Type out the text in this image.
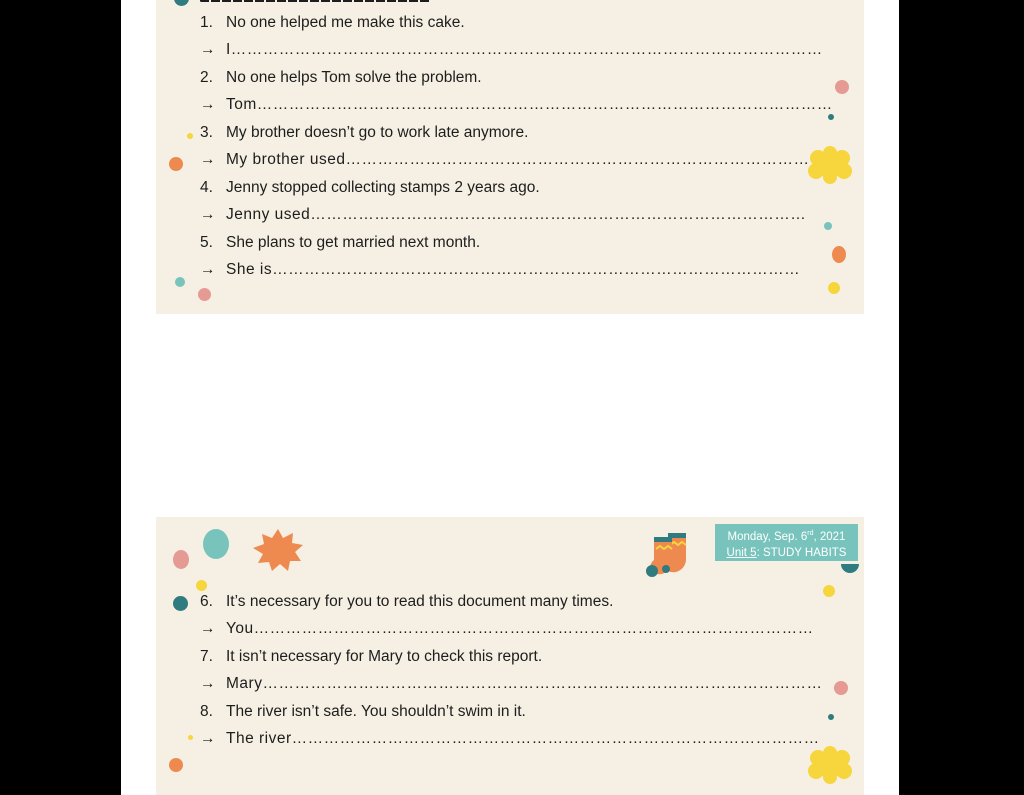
1. No one helped me make this cake.
→ I…………………………………………………………………………………………………
2. No one helps Tom solve the problem.
→ Tom………………………………………………………………………………………………
3. My brother doesn’t go to work late anymore.
→ My brother used……………………………………………………………………………
4. Jenny stopped collecting stamps 2 years ago.
→ Jenny used…………………………………………………………………………………
5. She plans to get married next month.
→ She is………………………………………………………………………………………
Monday, Sep. 6rd, 2021
Unit 5: STUDY HABITS
6. It’s necessary for you to read this document many times.
→ You……………………………………………………………………………………………
7. It isn’t necessary for Mary to check this report.
→ Mary……………………………………………………………………………………………
8. The river isn’t safe. You shouldn’t swim in it.
→ The river………………………………………………………………………………………
